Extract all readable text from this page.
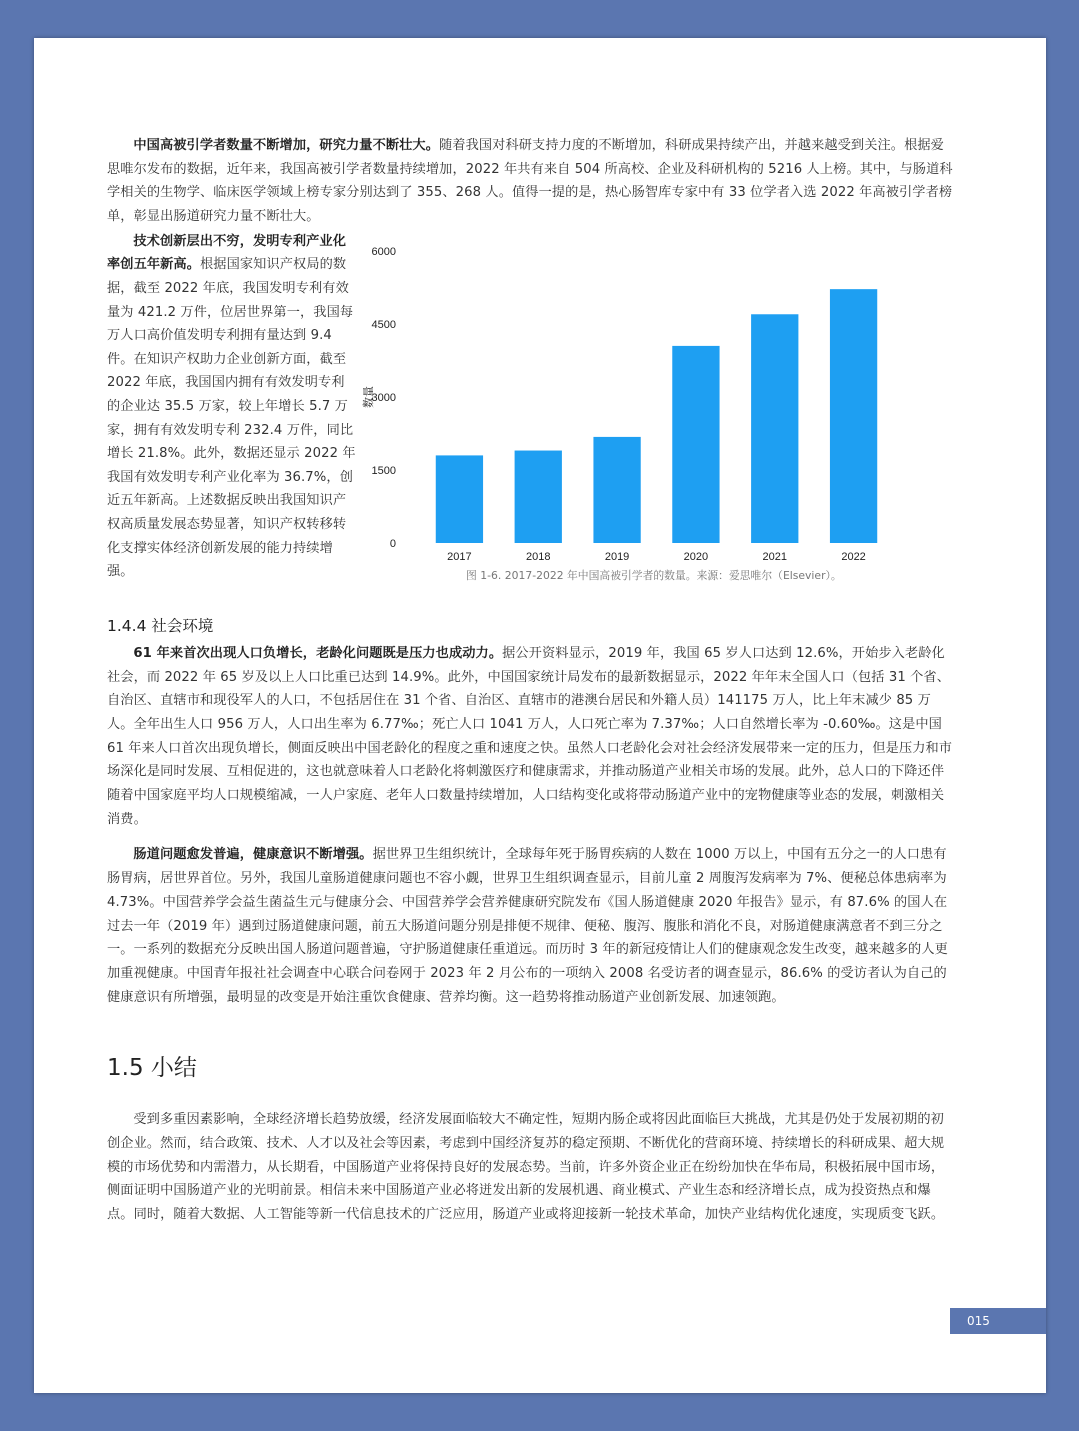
中国高被引学者数量不断增加，研究力量不断壮大。随着我国对科研支持力度的不断增加，科研成果持续产出，并越来越受到关注。根据爱思唯尔发布的数据，近年来，我国高被引学者数量持续增加，2022 年共有来自 504 所高校、企业及科研机构的 5216 人上榜。其中，与肠道科学相关的生物学、临床医学领域上榜专家分别达到了 355、268 人。值得一提的是，热心肠智库专家中有 33 位学者入选 2022 年高被引学者榜单，彰显出肠道研究力量不断壮大。

技术创新层出不穷，发明专利产业化率创五年新高。根据国家知识产权局的数据，截至 2022 年底，我国发明专利有效量为 421.2 万件，位居世界第一，我国每万人口高价值发明专利拥有量达到 9.4 件。在知识产权助力企业创新方面，截至 2022 年底，我国国内拥有有效发明专利的企业达 35.5 万家，较上年增长 5.7 万家，拥有有效发明专利 232.4 万件，同比增长 21.8%。此外，数据还显示 2022 年我国有效发明专利产业化率为 36.7%，创近五年新高。上述数据反映出我国知识产权高质量发展态势显著，知识产权转移转化支撑实体经济创新发展的能力持续增强。

0
1500
3000
4500
6000
数量
2017	2018	2019	2020	2021	2022
图 1-6. 2017-2022 年中国高被引学者的数量。来源：爱思唯尔（Elsevier）。
1.4.4 社会环境

61 年来首次出现人口负增长，老龄化问题既是压力也成动力。据公开资料显示，2019 年，我国 65 岁人口达到 12.6%，开始步入老龄化社会，而 2022 年 65 岁及以上人口比重已达到 14.9%。此外，中国国家统计局发布的最新数据显示，2022 年年末全国人口（包括 31 个省、自治区、直辖市和现役军人的人口，不包括居住在 31 个省、自治区、直辖市的港澳台居民和外籍人员）141175 万人，比上年末减少 85 万人。全年出生人口 956 万人，人口出生率为 6.77‰；死亡人口 1041 万人，人口死亡率为 7.37‰；人口自然增长率为 -0.60‰。这是中国 61 年来人口首次出现负增长，侧面反映出中国老龄化的程度之重和速度之快。虽然人口老龄化会对社会经济发展带来一定的压力，但是压力和市场深化是同时发展、互相促进的，这也就意味着人口老龄化将刺激医疗和健康需求，并推动肠道产业相关市场的发展。此外，总人口的下降还伴随着中国家庭平均人口规模缩减，一人户家庭、老年人口数量持续增加，人口结构变化或将带动肠道产业中的宠物健康等业态的发展，刺激相关消费。

肠道问题愈发普遍，健康意识不断增强。据世界卫生组织统计，全球每年死于肠胃疾病的人数在 1000 万以上，中国有五分之一的人口患有肠胃病，居世界首位。另外，我国儿童肠道健康问题也不容小觑，世界卫生组织调查显示，目前儿童 2 周腹泻发病率为 7%、便秘总体患病率为 4.73%。中国营养学会益生菌益生元与健康分会、中国营养学会营养健康研究院发布《国人肠道健康 2020 年报告》显示，有 87.6% 的国人在过去一年（2019 年）遇到过肠道健康问题，前五大肠道问题分别是排便不规律、便秘、腹泻、腹胀和消化不良，对肠道健康满意者不到三分之一。一系列的数据充分反映出国人肠道问题普遍，守护肠道健康任重道远。而历时 3 年的新冠疫情让人们的健康观念发生改变，越来越多的人更加重视健康。中国青年报社社会调查中心联合问卷网于 2023 年 2 月公布的一项纳入 2008 名受访者的调查显示，86.6% 的受访者认为自己的健康意识有所增强，最明显的改变是开始注重饮食健康、营养均衡。这一趋势将推动肠道产业创新发展、加速领跑。

1.5 小结

受到多重因素影响，全球经济增长趋势放缓，经济发展面临较大不确定性，短期内肠企或将因此面临巨大挑战，尤其是仍处于发展初期的初创企业。然而，结合政策、技术、人才以及社会等因素，考虑到中国经济复苏的稳定预期、不断优化的营商环境、持续增长的科研成果、超大规模的市场优势和内需潜力，从长期看，中国肠道产业将保持良好的发展态势。当前，许多外资企业正在纷纷加快在华布局，积极拓展中国市场，侧面证明中国肠道产业的光明前景。相信未来中国肠道产业必将迸发出新的发展机遇、商业模式、产业生态和经济增长点，成为投资热点和爆点。同时，随着大数据、人工智能等新一代信息技术的广泛应用，肠道产业或将迎接新一轮技术革命，加快产业结构优化速度，实现质变飞跃。

015
